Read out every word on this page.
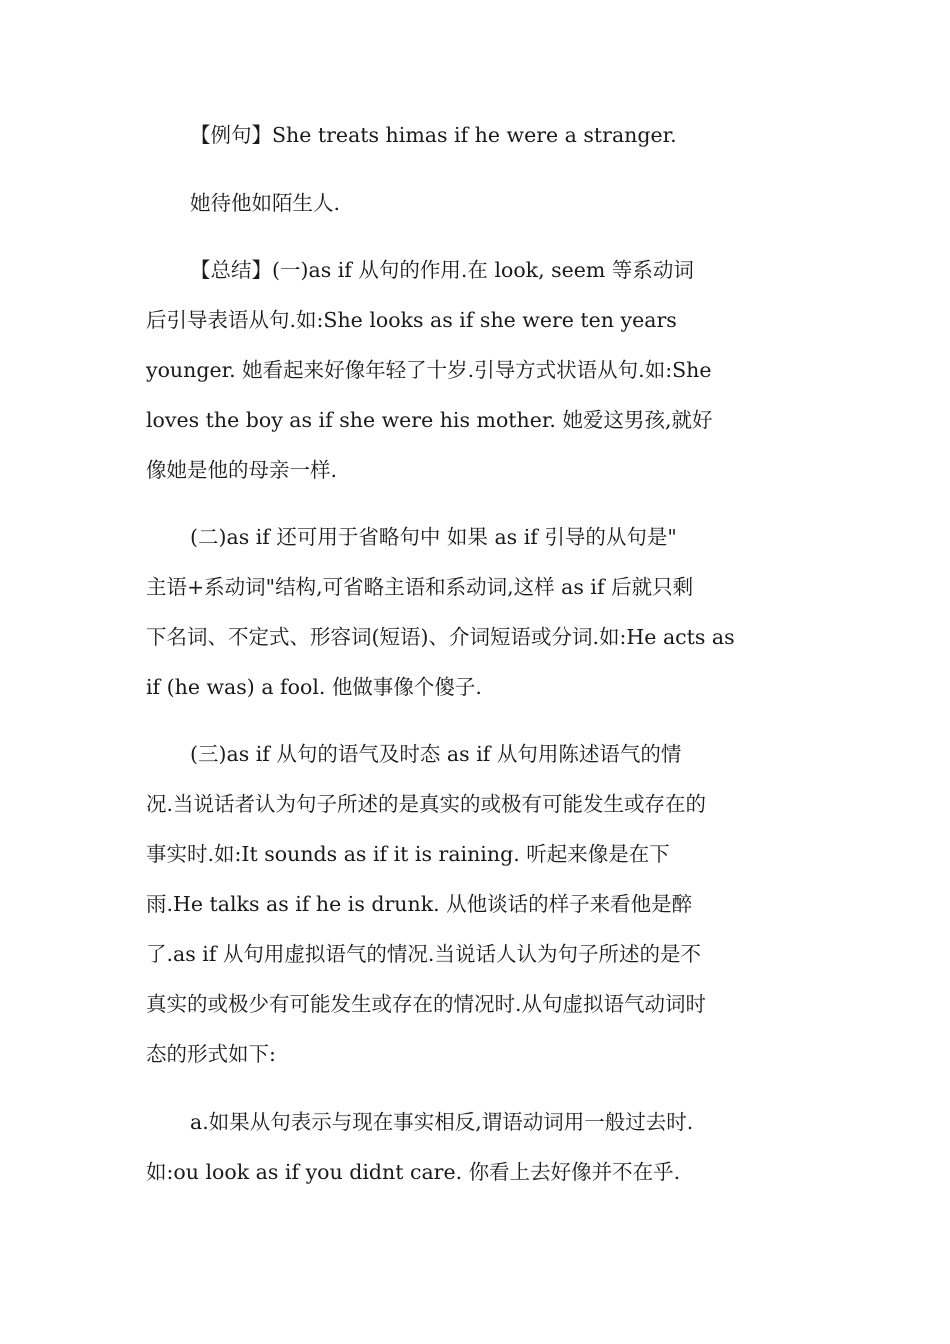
【例句】She treats himas if he were a stranger.
她待他如陌生人.
【总结】(一)as if 从句的作用.在 look, seem 等系动词
后引导表语从句.如:She looks as if she were ten years
younger. 她看起来好像年轻了十岁.引导方式状语从句.如:She
loves the boy as if she were his mother. 她爱这男孩,就好
像她是他的母亲一样.
(二)as if 还可用于省略句中 如果 as if 引导的从句是"
主语+系动词"结构,可省略主语和系动词,这样 as if 后就只剩
下名词、不定式、形容词(短语)、介词短语或分词.如:He acts as
if (he was) a fool. 他做事像个傻子.
(三)as if 从句的语气及时态 as if 从句用陈述语气的情
况.当说话者认为句子所述的是真实的或极有可能发生或存在的
事实时.如:It sounds as if it is raining. 听起来像是在下
雨.He talks as if he is drunk. 从他谈话的样子来看他是醉
了.as if 从句用虚拟语气的情况.当说话人认为句子所述的是不
真实的或极少有可能发生或存在的情况时.从句虚拟语气动词时
态的形式如下:
a.如果从句表示与现在事实相反,谓语动词用一般过去时.
如:ou look as if you didnt care. 你看上去好像并不在乎.
